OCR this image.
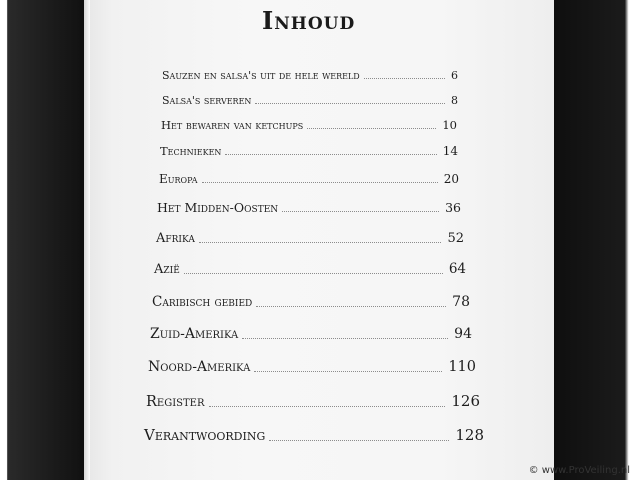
Inhoud
Sauzen en salsa's uit de hele wereld	6
Salsa's serveren	8
Het bewaren van ketchups	10
Technieken	14
Europa	20
Het Midden-Oosten	36
Afrika	52
Azië	64
Caribisch gebied	78
Zuid-Amerika	94
Noord-Amerika	110
Register	126
Verantwoording	128
© www.ProVeiling.nl
